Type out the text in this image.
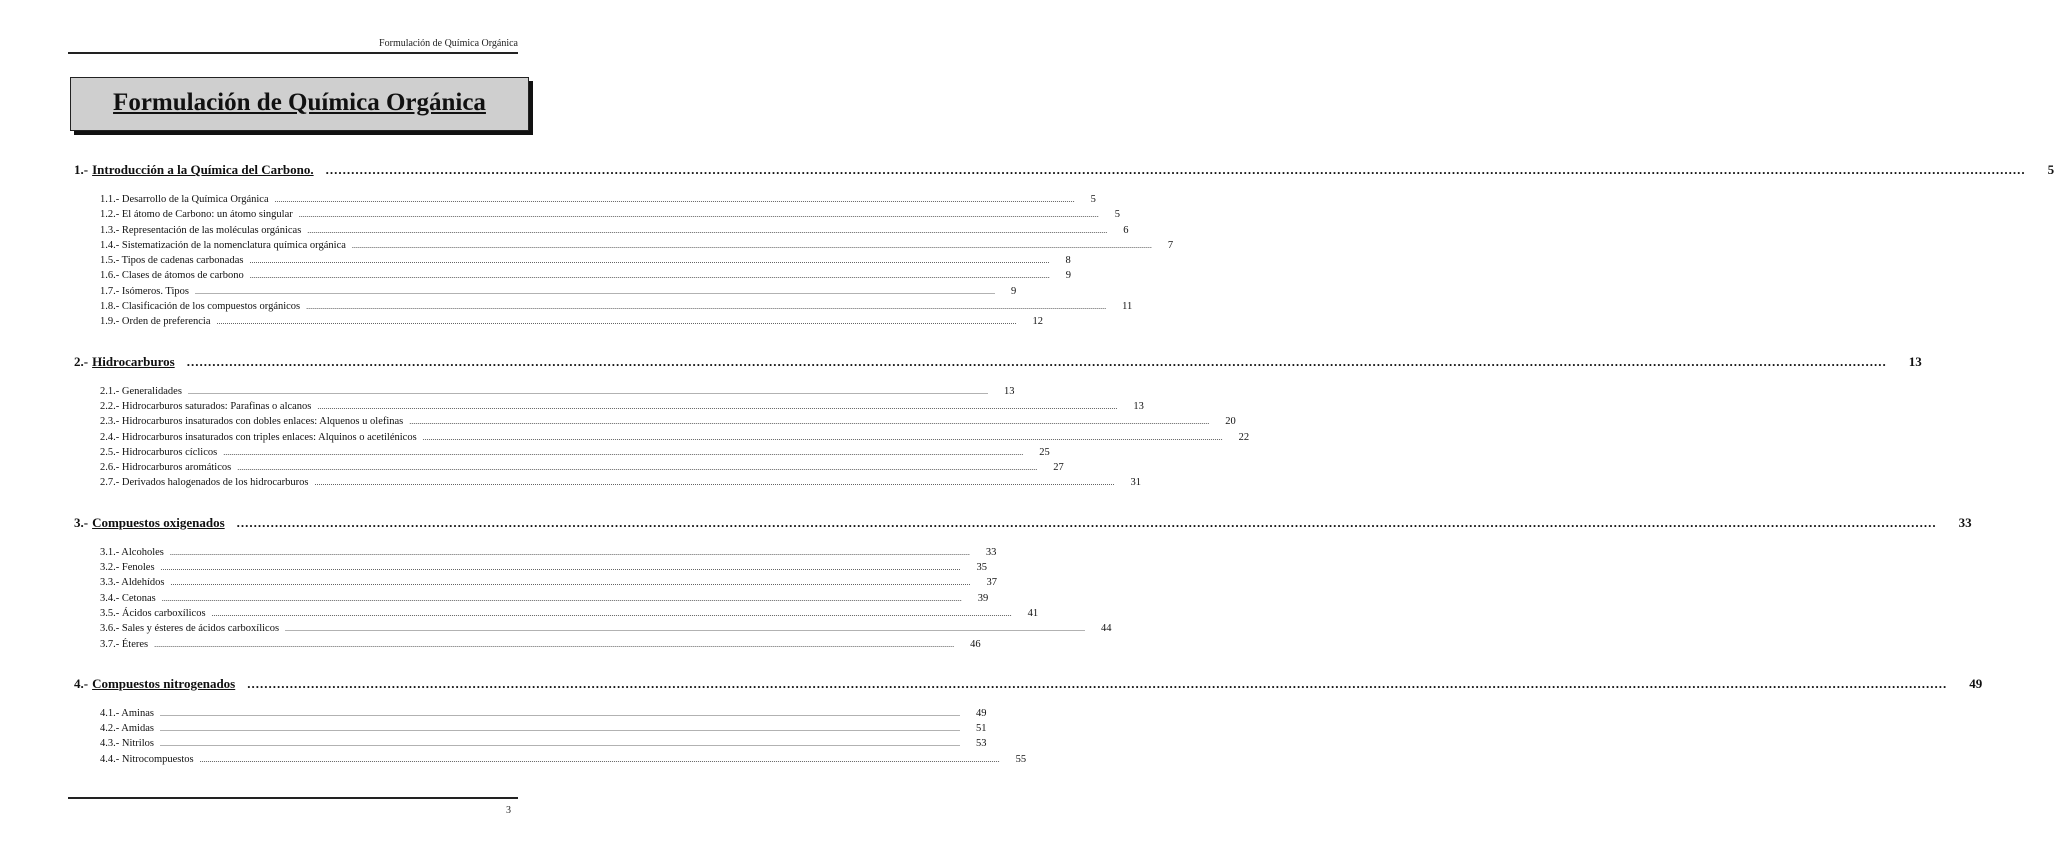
Formulación de Química Orgánica
Formulación de Química Orgánica
1.- Introducción a la Química del Carbono. ................................................................................................................................................................................................................................................................................................................................................................................................................ 5
1.1.- Desarrollo de la Química Orgánica ................................................................................................................................................................................................................................................................................................................................................................................................................ 5
1.2.- El átomo de Carbono: un átomo singular ................................................................................................................................................................................................................................................................................................................................................................................................................ 5
1.3.- Representación de las moléculas orgánicas ................................................................................................................................................................................................................................................................................................................................................................................................................ 6
1.4.- Sistematización de la nomenclatura química orgánica ................................................................................................................................................................................................................................................................................................................................................................................................................ 7
1.5.- Tipos de cadenas carbonadas ................................................................................................................................................................................................................................................................................................................................................................................................................ 8
1.6.- Clases de átomos de carbono ................................................................................................................................................................................................................................................................................................................................................................................................................ 9
1.7.- Isómeros. Tipos ................................................................................................................................................................................................................................................................................................................................................................................................................ 9
1.8.- Clasificación de los compuestos orgánicos ................................................................................................................................................................................................................................................................................................................................................................................................................ 11
1.9.- Orden de preferencia ................................................................................................................................................................................................................................................................................................................................................................................................................ 12
2.- Hidrocarburos ................................................................................................................................................................................................................................................................................................................................................................................................................ 13
2.1.- Generalidades ................................................................................................................................................................................................................................................................................................................................................................................................................ 13
2.2.- Hidrocarburos saturados: Parafinas o alcanos ................................................................................................................................................................................................................................................................................................................................................................................................................ 13
2.3.- Hidrocarburos insaturados con dobles enlaces: Alquenos u olefinas ................................................................................................................................................................................................................................................................................................................................................................................................................ 20
2.4.- Hidrocarburos insaturados con triples enlaces: Alquinos o acetilénicos ................................................................................................................................................................................................................................................................................................................................................................................................................ 22
2.5.- Hidrocarburos cíclicos ................................................................................................................................................................................................................................................................................................................................................................................................................ 25
2.6.- Hidrocarburos aromáticos ................................................................................................................................................................................................................................................................................................................................................................................................................ 27
2.7.- Derivados halogenados de los hidrocarburos ................................................................................................................................................................................................................................................................................................................................................................................................................ 31
3.- Compuestos oxigenados ................................................................................................................................................................................................................................................................................................................................................................................................................ 33
3.1.- Alcoholes ................................................................................................................................................................................................................................................................................................................................................................................................................ 33
3.2.- Fenoles ................................................................................................................................................................................................................................................................................................................................................................................................................ 35
3.3.- Aldehídos ................................................................................................................................................................................................................................................................................................................................................................................................................ 37
3.4.- Cetonas ................................................................................................................................................................................................................................................................................................................................................................................................................ 39
3.5.- Ácidos carboxílicos ................................................................................................................................................................................................................................................................................................................................................................................................................ 41
3.6.- Sales y ésteres de ácidos carboxílicos ................................................................................................................................................................................................................................................................................................................................................................................................................ 44
3.7.- Éteres ................................................................................................................................................................................................................................................................................................................................................................................................................ 46
4.- Compuestos nitrogenados ................................................................................................................................................................................................................................................................................................................................................................................................................ 49
4.1.- Aminas ................................................................................................................................................................................................................................................................................................................................................................................................................ 49
4.2.- Amidas ................................................................................................................................................................................................................................................................................................................................................................................................................ 51
4.3.- Nitrilos ................................................................................................................................................................................................................................................................................................................................................................................................................ 53
4.4.- Nitrocompuestos ................................................................................................................................................................................................................................................................................................................................................................................................................ 55
3
